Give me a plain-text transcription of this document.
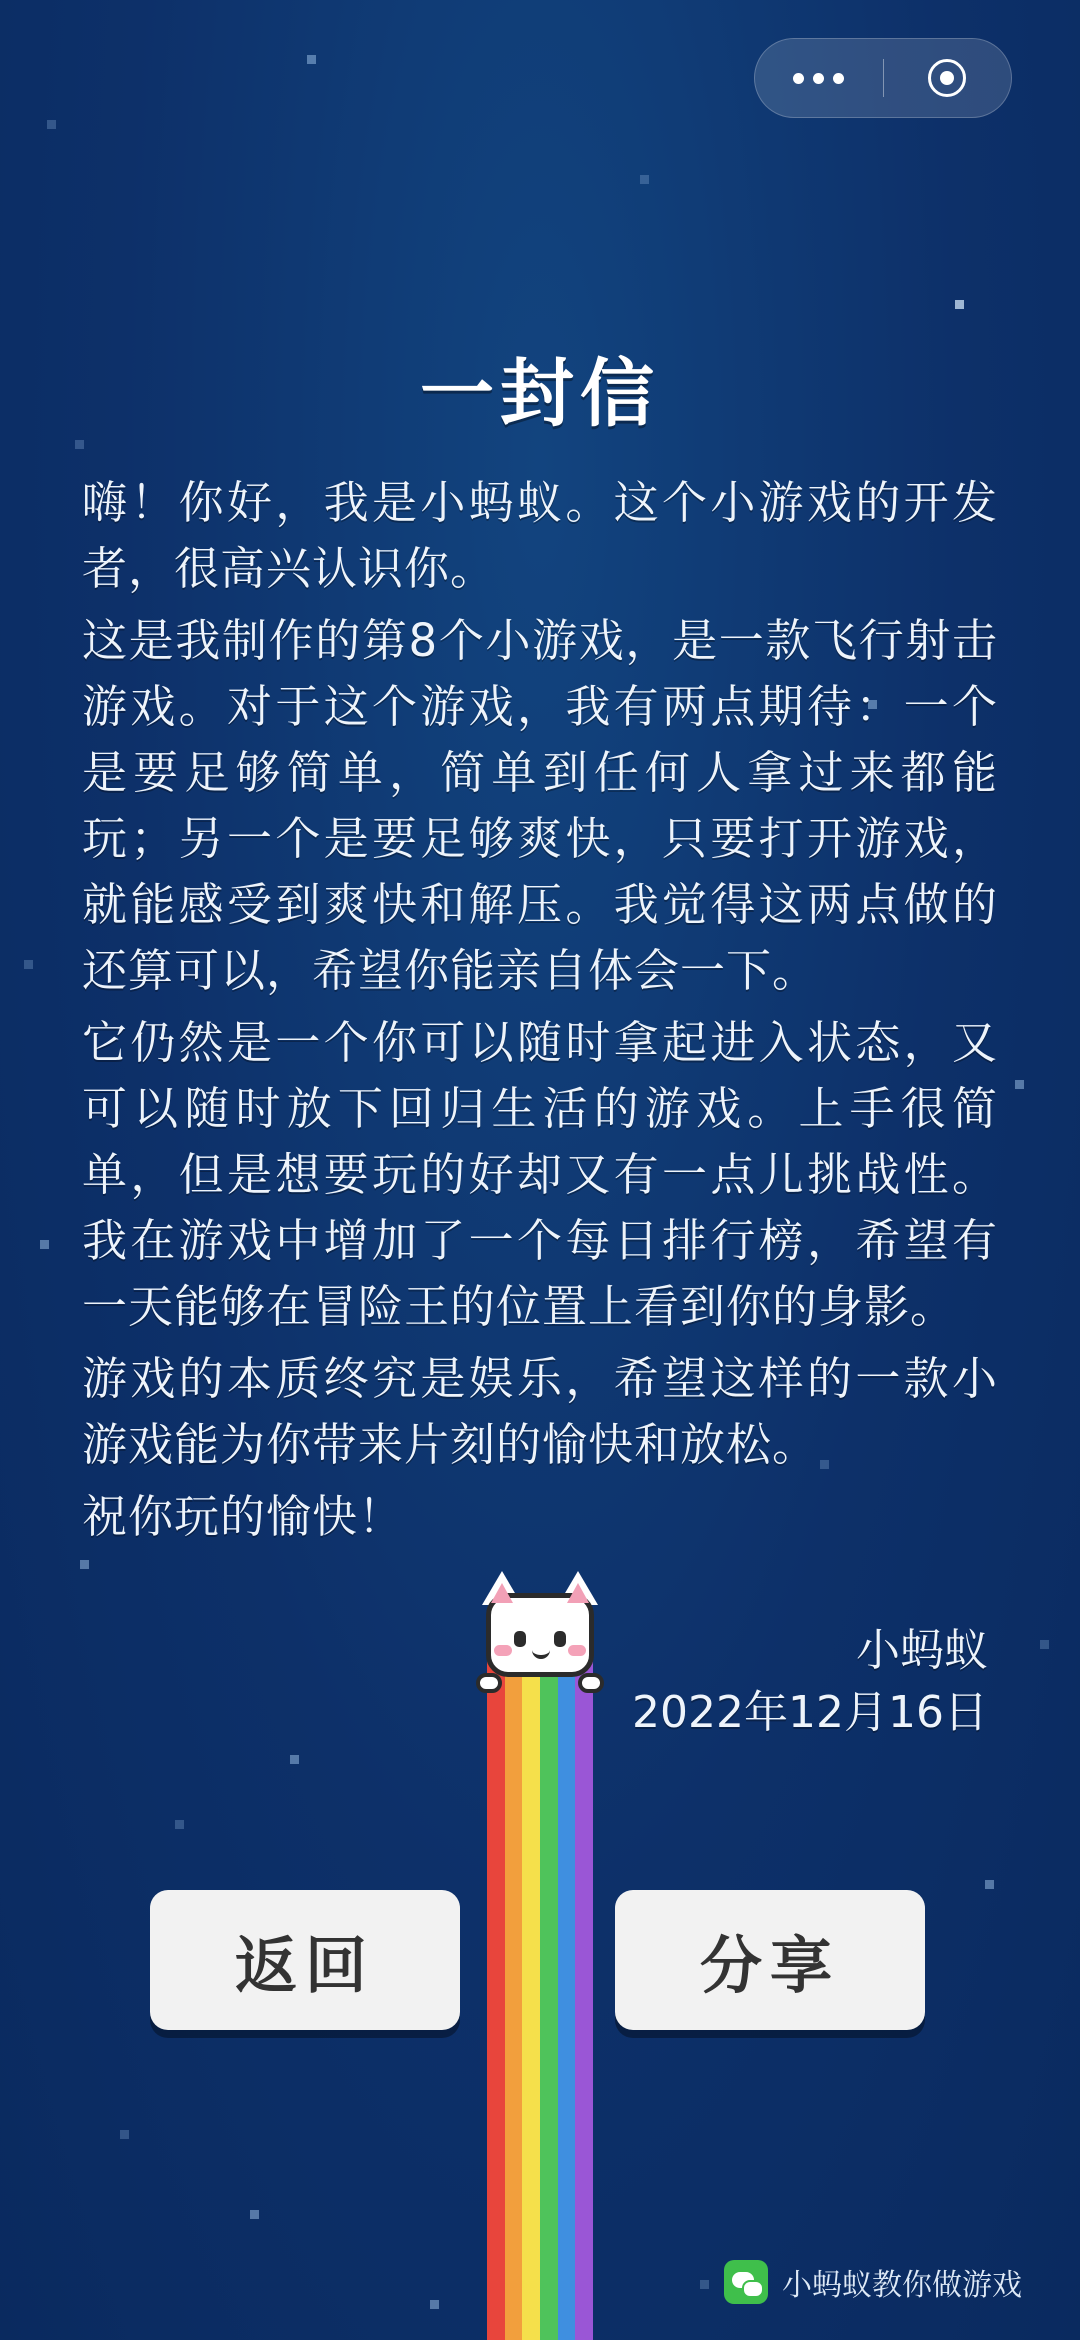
一封信

嗨！你好，我是小蚂蚁。这个小游戏的开发者，很高兴认识你。

这是我制作的第8个小游戏，是一款飞行射击游戏。对于这个游戏，我有两点期待：一个是要足够简单，简单到任何人拿过来都能玩；另一个是要足够爽快，只要打开游戏，就能感受到爽快和解压。我觉得这两点做的还算可以，希望你能亲自体会一下。

它仍然是一个你可以随时拿起进入状态，又可以随时放下回归生活的游戏。上手很简单，但是想要玩的好却又有一点儿挑战性。我在游戏中增加了一个每日排行榜，希望有一天能够在冒险王的位置上看到你的身影。

游戏的本质终究是娱乐，希望这样的一款小游戏能为你带来片刻的愉快和放松。

祝你玩的愉快！

小蚂蚁
2022年12月16日
返回	分享
小蚂蚁教你做游戏
